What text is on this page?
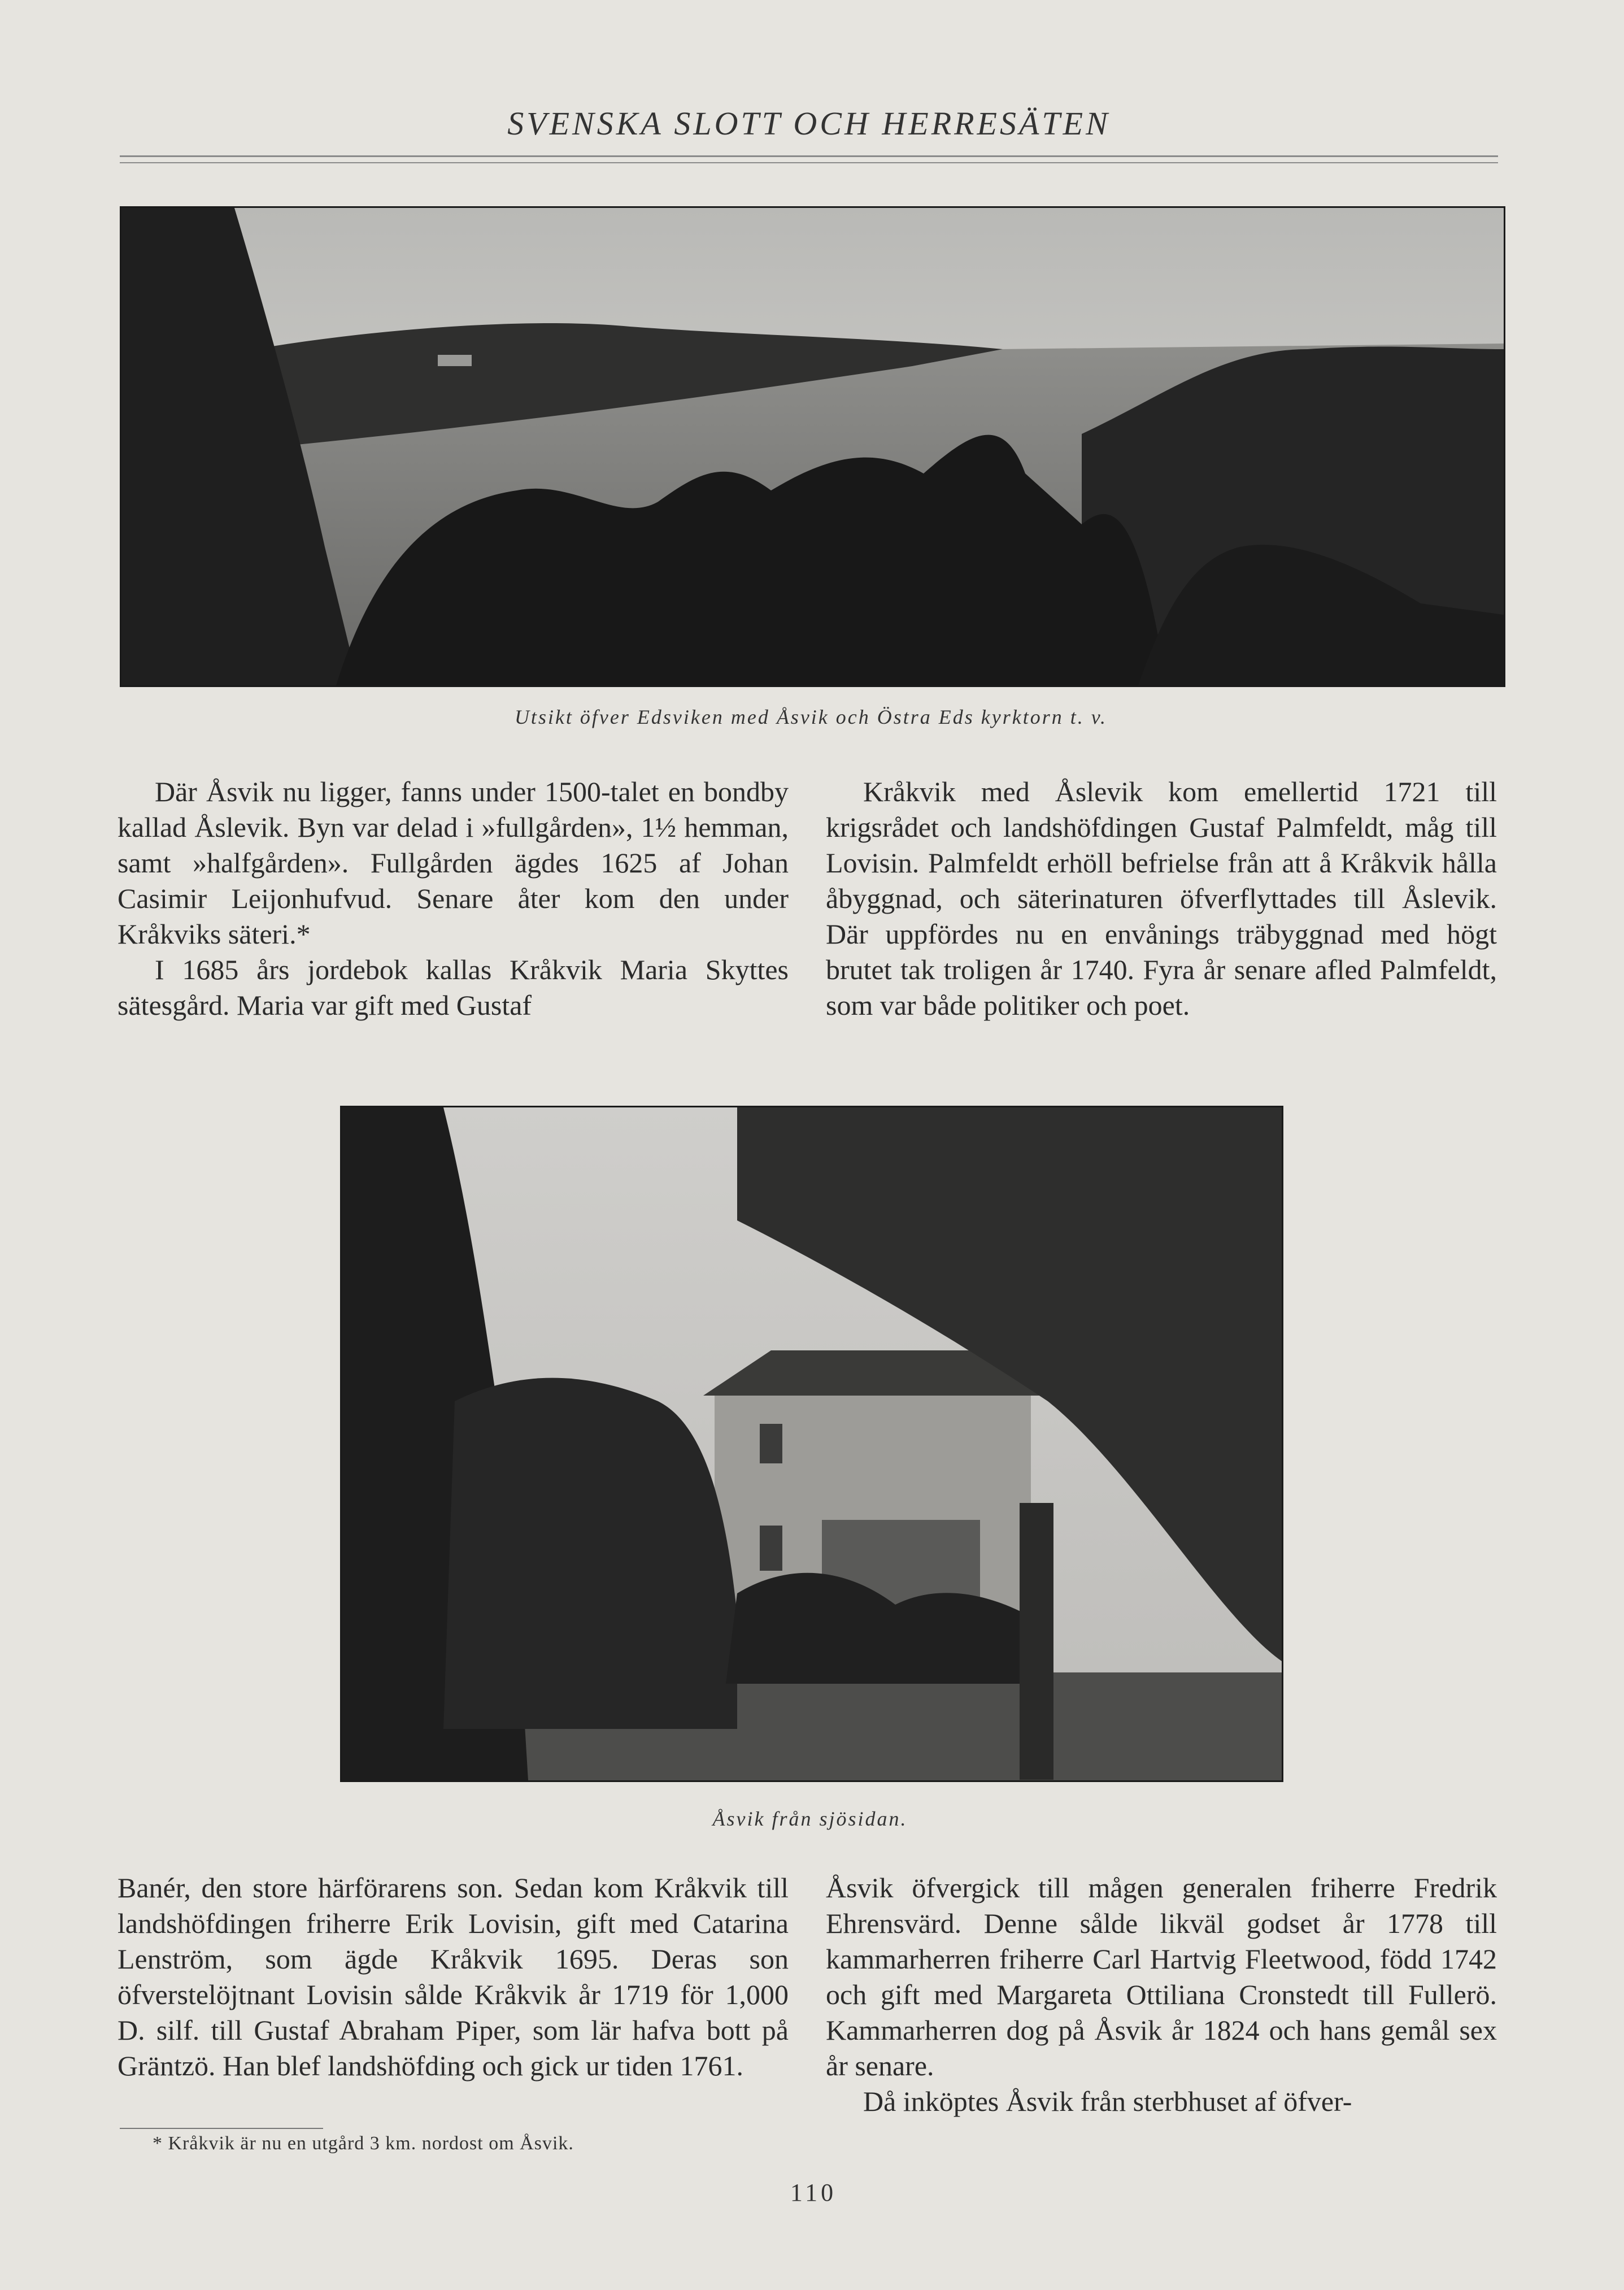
SVENSKA SLOTT OCH HERRESÄTEN
Utsikt öfver Edsviken med Åsvik och Östra Eds kyrktorn t. v.

Där Åsvik nu ligger, fanns under 1500-talet en bondby kallad Åslevik. Byn var delad i »fullgården», 1½ hemman, samt »halfgården». Fullgården ägdes 1625 af Johan Casimir Leijonhufvud. Senare åter kom den under Kråkviks säteri.*

I 1685 års jordebok kallas Kråkvik Maria Skyttes sätesgård. Maria var gift med Gustaf

Kråkvik med Åslevik kom emellertid 1721 till krigsrådet och landshöfdingen Gustaf Palmfeldt, måg till Lovisin. Palmfeldt erhöll befrielse från att å Kråkvik hålla åbyggnad, och säterinaturen öfverflyttades till Åslevik. Där uppfördes nu en envånings träbyggnad med högt brutet tak troligen år 1740. Fyra år senare afled Palmfeldt, som var både politiker och poet.

Åsvik från sjösidan.

Banér, den store härförarens son. Sedan kom Kråkvik till landshöfdingen friherre Erik Lovisin, gift med Catarina Lenström, som ägde Kråkvik 1695. Deras son öfverstelöjtnant Lovisin sålde Kråkvik år 1719 för 1,000 D. silf. till Gustaf Abraham Piper, som lär hafva bott på Gräntzö. Han blef landshöfding och gick ur tiden 1761.

Åsvik öfvergick till mågen generalen friherre Fredrik Ehrensvärd. Denne sålde likväl godset år 1778 till kammarherren friherre Carl Hartvig Fleetwood, född 1742 och gift med Margareta Ottiliana Cronstedt till Fullerö. Kammarherren dog på Åsvik år 1824 och hans gemål sex år senare.

Då inköptes Åsvik från sterbhuset af öfver-

* Kråkvik är nu en utgård 3 km. nordost om Åsvik.
110
